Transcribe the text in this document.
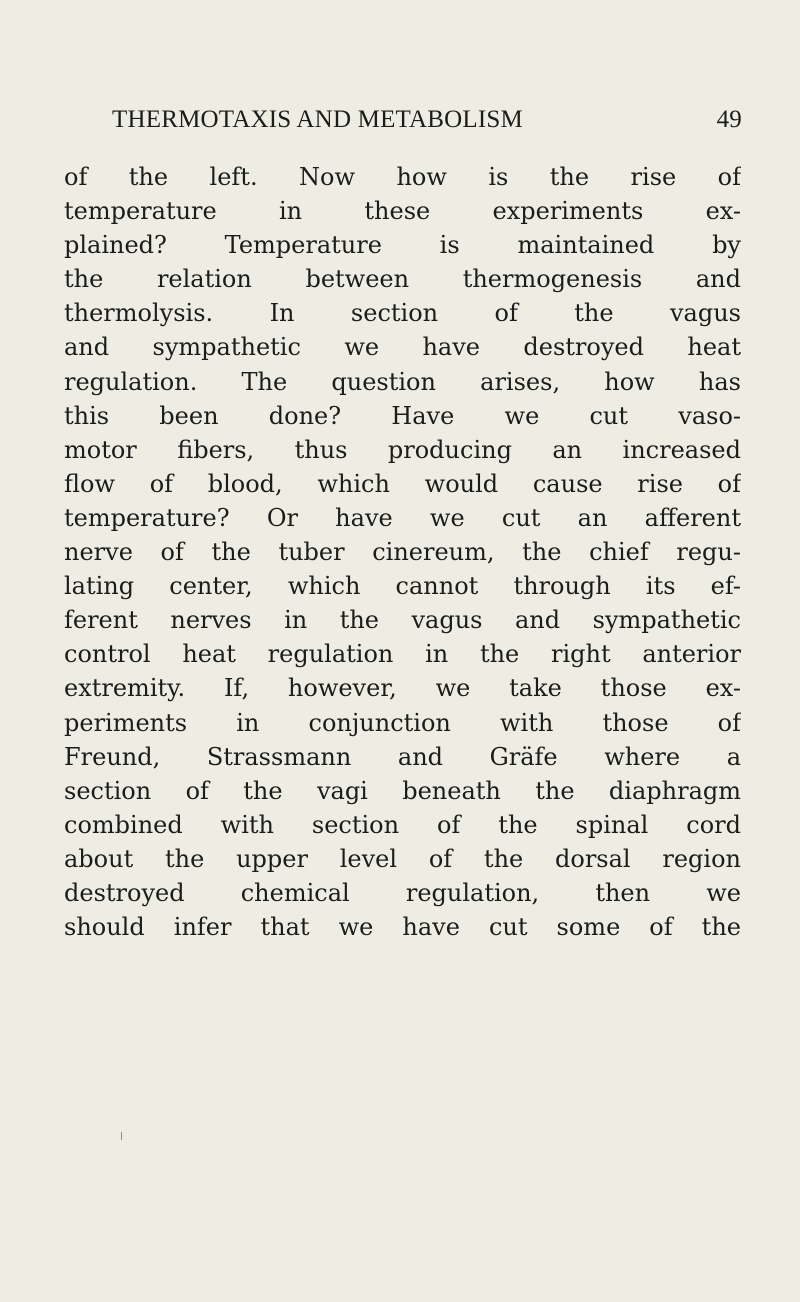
THERMOTAXIS AND METABOLISM	49
of the left. Now how is the rise of
temperature in these experiments ex-
plained? Temperature is maintained by
the relation between thermogenesis and
thermolysis. In section of the vagus
and sympathetic we have destroyed heat
regulation. The question arises, how has
this been done? Have we cut vaso-
motor fibers, thus producing an increased
flow of blood, which would cause rise of
temperature? Or have we cut an afferent
nerve of the tuber cinereum, the chief regu-
lating center, which cannot through its ef-
ferent nerves in the vagus and sympathetic
control heat regulation in the right anterior
extremity. If, however, we take those ex-
periments in conjunction with those of
Freund, Strassmann and Gräfe where a
section of the vagi beneath the diaphragm
combined with section of the spinal cord
about the upper level of the dorsal region
destroyed chemical regulation, then we
should infer that we have cut some of the
